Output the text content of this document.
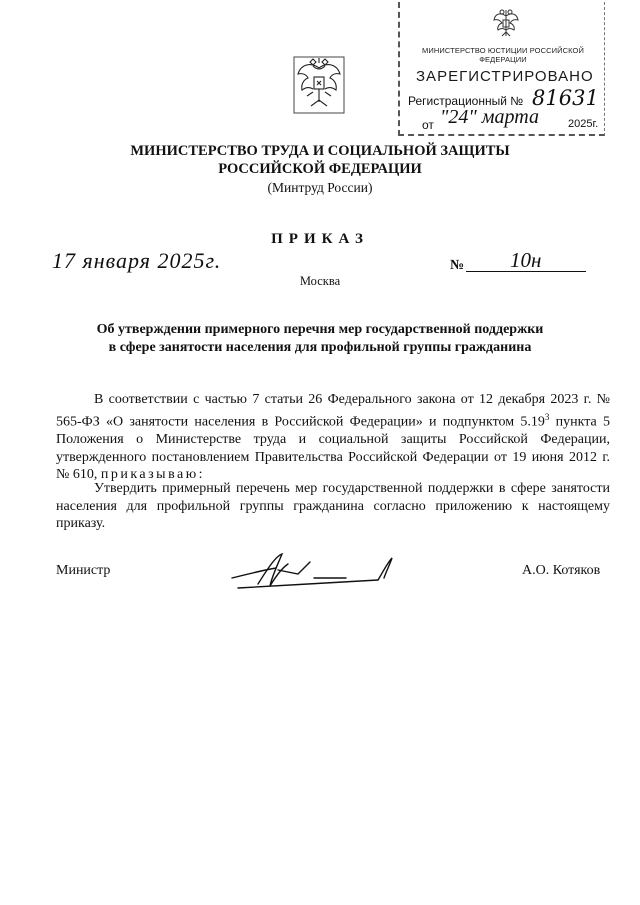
МИНИСТЕРСТВО ЮСТИЦИИ РОССИЙСКОЙ ФЕДЕРАЦИИ
ЗАРЕГИСТРИРОВАНО
Регистрационный № 81631
от "24" марта	2025г.
МИНИСТЕРСТВО ТРУДА И СОЦИАЛЬНОЙ ЗАЩИТЫ
РОССИЙСКОЙ ФЕДЕРАЦИИ
(Минтруд России)
ПРИКАЗ
17 января 2025г.
Москва
№ 10н
Об утверждении примерного перечня мер государственной поддержки
в сфере занятости населения для профильной группы гражданина
В соответствии с частью 7 статьи 26 Федерального закона от 12 декабря 2023 г. № 565-ФЗ «О занятости населения в Российской Федерации» и подпунктом 5.19$^3$ пункта 5 Положения о Министерстве труда и социальной защиты Российской Федерации, утвержденного постановлением Правительства Российской Федерации от 19 июня 2012 г. № 610, приказываю:
Утвердить примерный перечень мер государственной поддержки в сфере занятости населения для профильной группы гражданина согласно приложению к настоящему приказу.
Министр	А.О. Котяков
